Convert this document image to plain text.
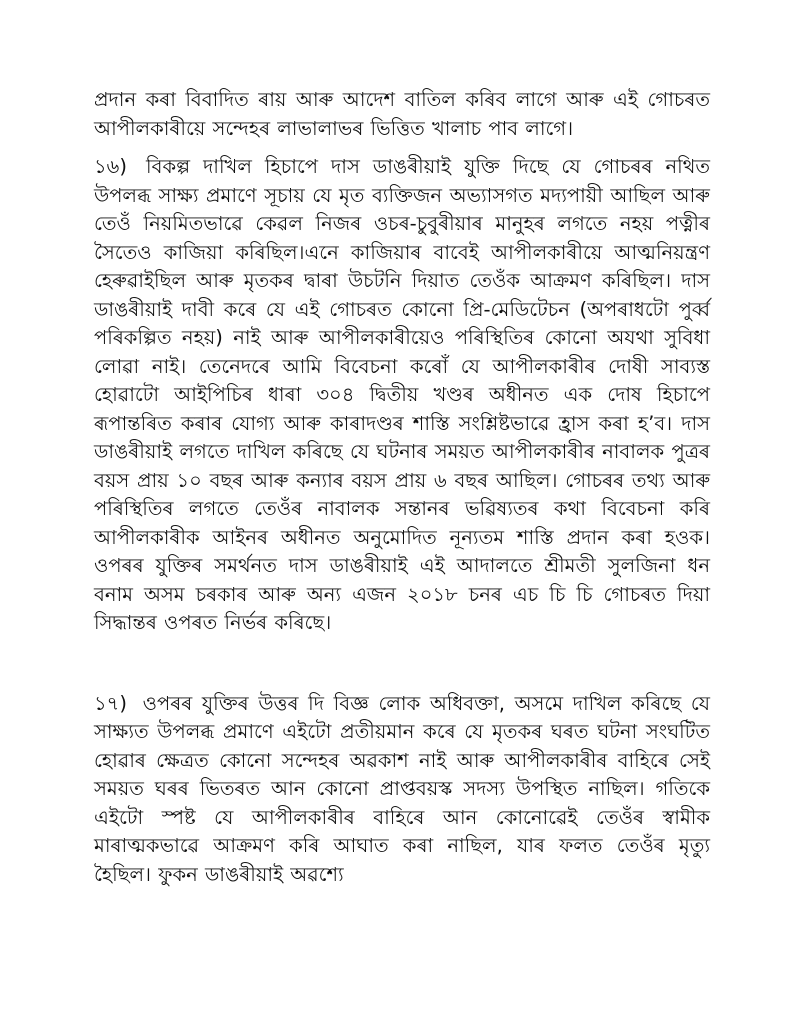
প্ৰদান কৰা বিবাদিত ৰায় আৰু আদেশ বাতিল কৰিব লাগে আৰু এই গোচৰত আপীলকাৰীয়ে সন্দেহৰ লাভালাভৰ ভিত্তিত খালাচ পাব লাগে।

১৬) বিকল্প দাখিল হিচাপে দাস ডাঙৰীয়াই যুক্তি দিছে যে গোচৰৰ নথিত উপলব্ধ সাক্ষ্য প্ৰমাণে সূচায় যে মৃত ব্যক্তিজন অভ্যাসগত মদ্যপায়ী আছিল আৰু তেওঁ নিয়মিতভাৱে কেৱল নিজৰ ওচৰ-চুবুৰীয়াৰ মানুহৰ লগতে নহয় পত্নীৰ সৈতেও কাজিয়া কৰিছিল।এনে কাজিয়াৰ বাবেই আপীলকাৰীয়ে আত্মনিয়ন্ত্ৰণ হেৰুৱাইছিল আৰু মৃতকৰ দ্বাৰা উচটনি দিয়াত তেওঁক আক্ৰমণ কৰিছিল। দাস ডাঙৰীয়াই দাবী কৰে যে এই গোচৰত কোনো প্ৰি-মেডিটেচন (অপৰাধটো পুৰ্ব্ব পৰিকল্পিত নহয়) নাই আৰু আপীলকাৰীয়েও পৰিস্থিতিৰ কোনো অযথা সুবিধা লোৱা নাই। তেনেদৰে আমি বিবেচনা কৰোঁ যে আপীলকাৰীৰ দোষী সাব্যস্ত হোৱাটো আইপিচিৰ ধাৰা ৩০৪ দ্বিতীয় খণ্ডৰ অধীনত এক দোষ হিচাপে ৰূপান্তৰিত কৰাৰ যোগ্য আৰু কাৰাদণ্ডৰ শাস্তি সংশ্লিষ্টভাৱে হ্ৰাস কৰা হ’ব। দাস ডাঙৰীয়াই লগতে দাখিল কৰিছে যে ঘটনাৰ সময়ত আপীলকাৰীৰ নাবালক পুত্ৰৰ বয়স প্ৰায় ১০ বছৰ আৰু কন্যাৰ বয়স প্ৰায় ৬ বছৰ আছিল। গোচৰৰ তথ্য আৰু পৰিস্থিতিৰ লগতে তেওঁৰ নাবালক সন্তানৰ ভৱিষ্যতৰ কথা বিবেচনা কৰি আপীলকাৰীক আইনৰ অধীনত অনুমোদিত নূন্যতম শাস্তি প্ৰদান কৰা হওক। ওপৰৰ যুক্তিৰ সমৰ্থনত দাস ডাঙৰীয়াই এই আদালতে শ্ৰীমতী সুলজিনা ধন বনাম অসম চৰকাৰ আৰু অন্য এজন ২০১৮ চনৰ এচ চি চি গোচৰত দিয়া সিদ্ধান্তৰ ওপৰত নিৰ্ভৰ কৰিছে।

১৭) ওপৰৰ যুক্তিৰ উত্তৰ দি বিজ্ঞ লোক অধিবক্তা, অসমে দাখিল কৰিছে যে সাক্ষ্যত উপলব্ধ প্ৰমাণে এইটো প্ৰতীয়মান কৰে যে মৃতকৰ ঘৰত ঘটনা সংঘটিত হোৱাৰ ক্ষেত্ৰত কোনো সন্দেহৰ অৱকাশ নাই আৰু আপীলকাৰীৰ বাহিৰে সেই সময়ত ঘৰৰ ভিতৰত আন কোনো প্ৰাপ্তবয়স্ক সদস্য উপস্থিত নাছিল। গতিকে এইটো স্পষ্ট যে আপীলকাৰীৰ বাহিৰে আন কোনোৱেই তেওঁৰ স্বামীক মাৰাত্মকভাৱে আক্ৰমণ কৰি আঘাত কৰা নাছিল, যাৰ ফলত তেওঁৰ মৃত্যু হৈছিল। ফুকন ডাঙৰীয়াই অৱশ্যে
